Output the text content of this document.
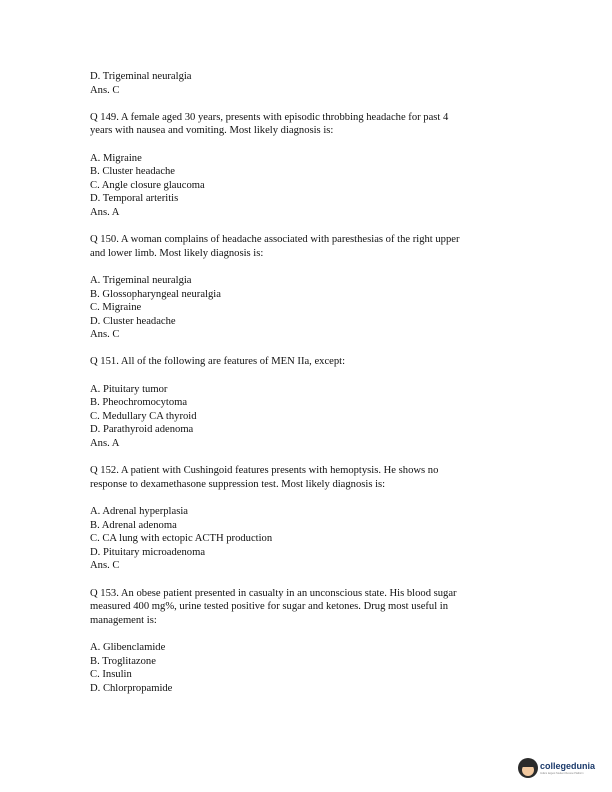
D. Trigeminal neuralgia
Ans. C
Q 149. A female aged 30 years, presents with episodic throbbing headache for past 4
years with nausea and vomiting. Most likely diagnosis is:
A. Migraine
B. Cluster headache
C. Angle closure glaucoma
D. Temporal arteritis
Ans. A
Q 150. A woman complains of headache associated with paresthesias of the right upper
and lower limb. Most likely diagnosis is:
A. Trigeminal neuralgia
B. Glossopharyngeal neuralgia
C. Migraine
D. Cluster headache
Ans. C
Q 151. All of the following are features of MEN IIa, except:
A. Pituitary tumor
B. Pheochromocytoma
C. Medullary CA thyroid
D. Parathyroid adenoma
Ans. A
Q 152. A patient with Cushingoid features presents with hemoptysis. He shows no
response to dexamethasone suppression test. Most likely diagnosis is:
A. Adrenal hyperplasia
B. Adrenal adenoma
C. CA lung with ectopic ACTH production
D. Pituitary microadenoma
Ans. C
Q 153. An obese patient presented in casualty in an unconscious state. His blood sugar
measured 400 mg%, urine tested positive for sugar and ketones. Drug most useful in
management is:
A. Glibenclamide
B. Troglitazone
C. Insulin
D. Chlorpropamide
collegedunia
India's largest Student Review Platform
